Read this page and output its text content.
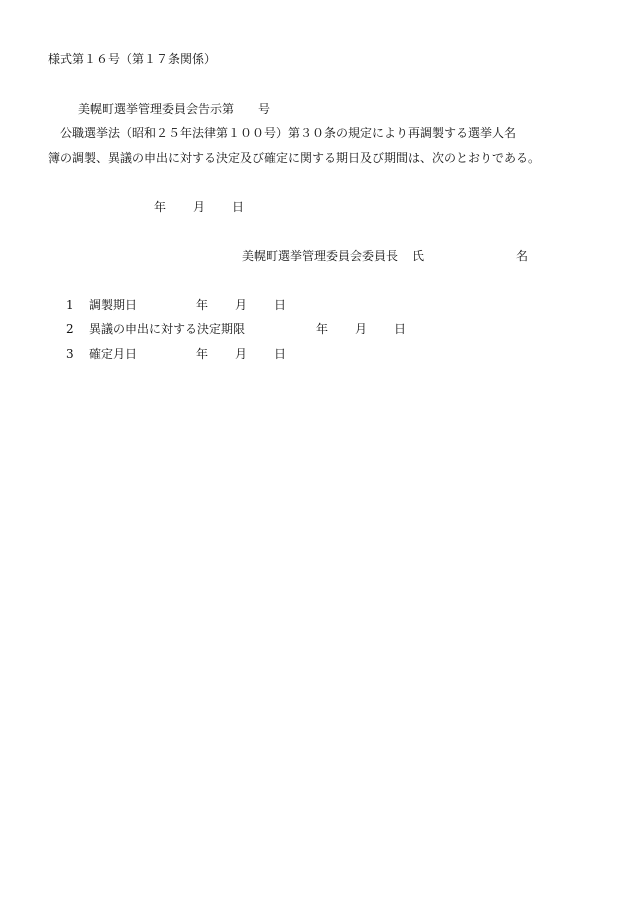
様式第１６号（第１７条関係）
美幌町選挙管理委員会告示第 号
公職選挙法（昭和２５年法律第１００号）第３０条の規定により再調製する選挙人名
簿の調製、異議の申出に対する決定及び確定に関する期日及び期間は、次のとおりである。
年 月 日
美幌町選挙管理委員会委員長 氏	名
1 調製期日	年 月 日
2 異議の申出に対する決定期限	年 月 日
3 確定月日	年 月 日
